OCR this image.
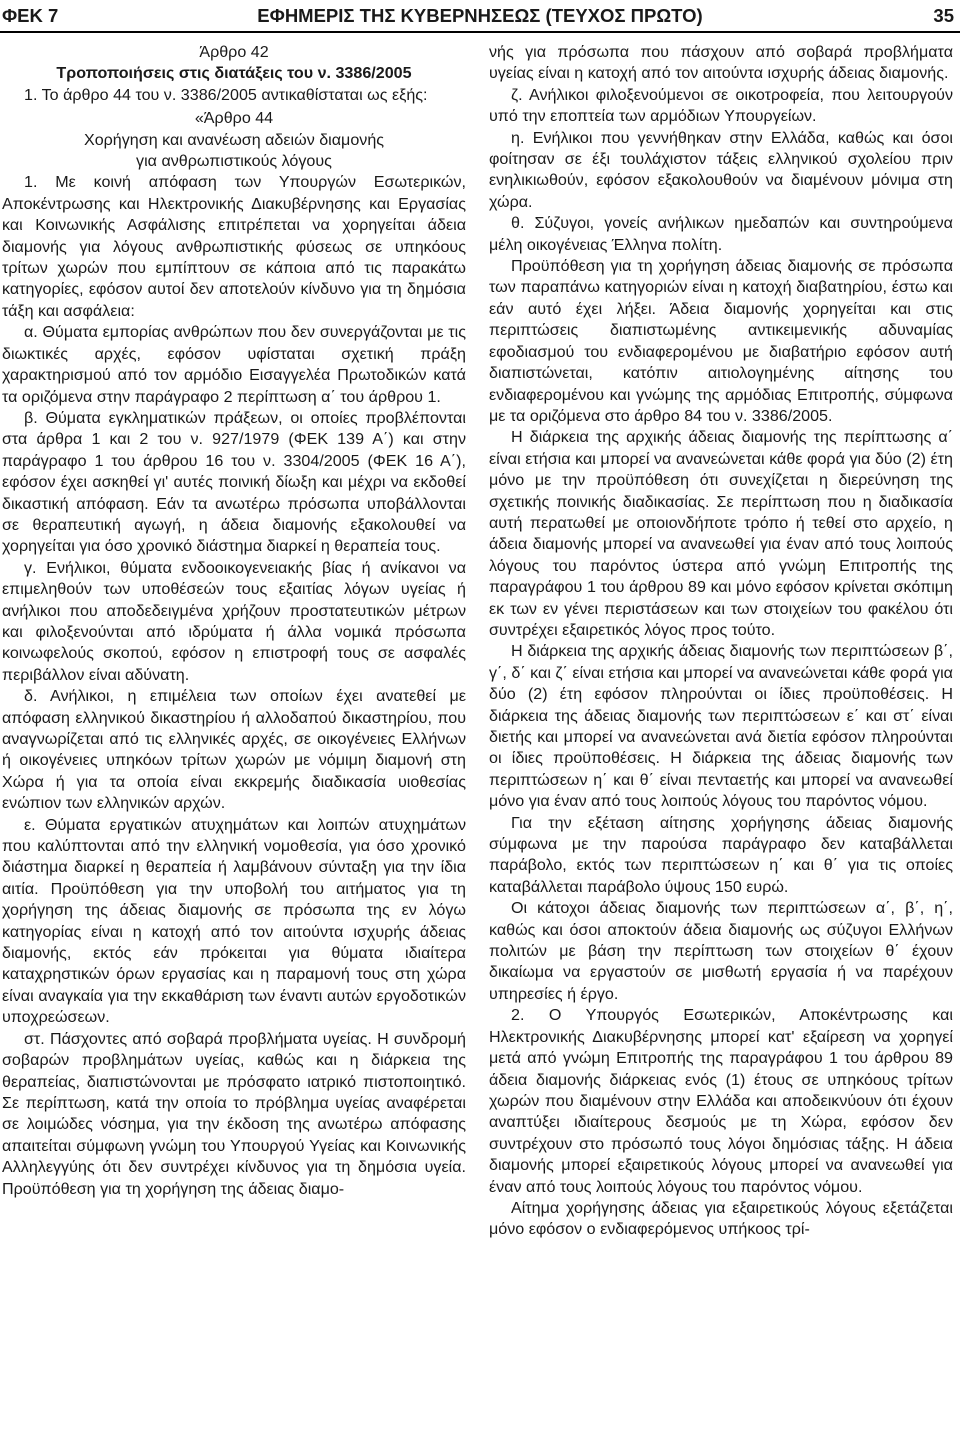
ΕΦΗΜΕΡΙΣ ΤΗΣ ΚΥΒΕΡΝΗΣΕΩΣ (ΤΕΥΧΟΣ ΠΡΩΤΟ)
ΦΕΚ 7	35

Άρθρο 42

Τροποποιήσεις στις διατάξεις του ν. 3386/2005

1. Το άρθρο 44 του ν. 3386/2005 αντικαθίσταται ως εξής:

«Άρθρο 44

Χορήγηση και ανανέωση αδειών διαμονής

για ανθρωπιστικούς λόγους

1. Με κοινή απόφαση των Υπουργών Εσωτερικών, Αποκέντρωσης και Ηλεκτρονικής Διακυβέρνησης και Εργασίας και Κοινωνικής Ασφάλισης επιτρέπεται να χορηγείται άδεια διαμονής για λόγους ανθρωπιστικής φύσεως σε υπηκόους τρίτων χωρών που εμπίπτουν σε κάποια από τις παρακάτω κατηγορίες, εφόσον αυτοί δεν αποτελούν κίνδυνο για τη δημόσια τάξη και ασφάλεια:

α. Θύματα εμπορίας ανθρώπων που δεν συνεργάζονται με τις διωκτικές αρχές, εφόσον υφίσταται σχετική πράξη χαρακτηρισμού από τον αρμόδιο Εισαγγελέα Πρωτοδικών κατά τα οριζόμενα στην παράγραφο 2 περίπτωση α΄ του άρθρου 1.

β. Θύματα εγκληματικών πράξεων, οι οποίες προβλέπονται στα άρθρα 1 και 2 του ν. 927/1979 (ΦΕΚ 139 Α΄) και στην παράγραφο 1 του άρθρου 16 του ν. 3304/2005 (ΦΕΚ 16 Α΄), εφόσον έχει ασκηθεί γι' αυτές ποινική δίωξη και μέχρι να εκδοθεί δικαστική απόφαση. Εάν τα ανωτέρω πρόσωπα υποβάλλονται σε θεραπευτική αγωγή, η άδεια διαμονής εξακολουθεί να χορηγείται για όσο χρονικό διάστημα διαρκεί η θεραπεία τους.

γ. Ενήλικοι, θύματα ενδοοικογενειακής βίας ή ανίκανοι να επιμεληθούν των υποθέσεών τους εξαιτίας λόγων υγείας ή ανήλικοι που αποδεδειγμένα χρήζουν προστατευτικών μέτρων και φιλοξενούνται από ιδρύματα ή άλλα νομικά πρόσωπα κοινωφελούς σκοπού, εφόσον η επιστροφή τους σε ασφαλές περιβάλλον είναι αδύνατη.

δ. Ανήλικοι, η επιμέλεια των οποίων έχει ανατεθεί με απόφαση ελληνικού δικαστηρίου ή αλλοδαπού δικαστηρίου, που αναγνωρίζεται από τις ελληνικές αρχές, σε οικογένειες Ελλήνων ή οικογένειες υπηκόων τρίτων χωρών με νόμιμη διαμονή στη Χώρα ή για τα οποία είναι εκκρεμής διαδικασία υιοθεσίας ενώπιον των ελληνικών αρχών.

ε. Θύματα εργατικών ατυχημάτων και λοιπών ατυχημάτων που καλύπτονται από την ελληνική νομοθεσία, για όσο χρονικό διάστημα διαρκεί η θεραπεία ή λαμβάνουν σύνταξη για την ίδια αιτία. Προϋπόθεση για την υποβολή του αιτήματος για τη χορήγηση της άδειας διαμονής σε πρόσωπα της εν λόγω κατηγορίας είναι η κατοχή από τον αιτούντα ισχυρής άδειας διαμονής, εκτός εάν πρόκειται για θύματα ιδιαίτερα καταχρηστικών όρων εργασίας και η παραμονή τους στη χώρα είναι αναγκαία για την εκκαθάριση των έναντι αυτών εργοδοτικών υποχρεώσεων.

στ. Πάσχοντες από σοβαρά προβλήματα υγείας. Η συνδρομή σοβαρών προβλημάτων υγείας, καθώς και η διάρκεια της θεραπείας, διαπιστώνονται με πρόσφατο ιατρικό πιστοποιητικό. Σε περίπτωση, κατά την οποία το πρόβλημα υγείας αναφέρεται σε λοιμώδες νόσημα, για την έκδοση της ανωτέρω απόφασης απαιτείται σύμφωνη γνώμη του Υπουργού Υγείας και Κοινωνικής Αλληλεγγύης ότι δεν συντρέχει κίνδυνος για τη δημόσια υγεία. Προϋπόθεση για τη χορήγηση της άδειας διαμο-

νής για πρόσωπα που πάσχουν από σοβαρά προβλήματα υγείας είναι η κατοχή από τον αιτούντα ισχυρής άδειας διαμονής.

ζ. Ανήλικοι φιλοξενούμενοι σε οικοτροφεία, που λειτουργούν υπό την εποπτεία των αρμόδιων Υπουργείων.

η. Ενήλικοι που γεννήθηκαν στην Ελλάδα, καθώς και όσοι φοίτησαν σε έξι τουλάχιστον τάξεις ελληνικού σχολείου πριν ενηλικιωθούν, εφόσον εξακολουθούν να διαμένουν μόνιμα στη χώρα.

θ. Σύζυγοι, γονείς ανήλικων ημεδαπών και συντηρούμενα μέλη οικογένειας Έλληνα πολίτη.

Προϋπόθεση για τη χορήγηση άδειας διαμονής σε πρόσωπα των παραπάνω κατηγοριών είναι η κατοχή διαβατηρίου, έστω και εάν αυτό έχει λήξει. Άδεια διαμονής χορηγείται και στις περιπτώσεις διαπιστωμένης αντικειμενικής αδυναμίας εφοδιασμού του ενδιαφερομένου με διαβατήριο εφόσον αυτή διαπιστώνεται, κατόπιν αιτιολογημένης αίτησης του ενδιαφερομένου και γνώμης της αρμόδιας Επιτροπής, σύμφωνα με τα οριζόμενα στο άρθρο 84 του ν. 3386/2005.

Η διάρκεια της αρχικής άδειας διαμονής της περίπτωσης α΄ είναι ετήσια και μπορεί να ανανεώνεται κάθε φορά για δύο (2) έτη μόνο με την προϋπόθεση ότι συνεχίζεται η διερεύνηση της σχετικής ποινικής διαδικασίας. Σε περίπτωση που η διαδικασία αυτή περατωθεί με οποιονδήποτε τρόπο ή τεθεί στο αρχείο, η άδεια διαμονής μπορεί να ανανεωθεί για έναν από τους λοιπούς λόγους του παρόντος ύστερα από γνώμη Επιτροπής της παραγράφου 1 του άρθρου 89 και μόνο εφόσον κρίνεται σκόπιμη εκ των εν γένει περιστάσεων και των στοιχείων του φακέλου ότι συντρέχει εξαιρετικός λόγος προς τούτο.

Η διάρκεια της αρχικής άδειας διαμονής των περιπτώσεων β΄, γ΄, δ΄ και ζ΄ είναι ετήσια και μπορεί να ανανεώνεται κάθε φορά για δύο (2) έτη εφόσον πληρούνται οι ίδιες προϋποθέσεις. Η διάρκεια της άδειας διαμονής των περιπτώσεων ε΄ και στ΄ είναι διετής και μπορεί να ανανεώνεται ανά διετία εφόσον πληρούνται οι ίδιες προϋποθέσεις. Η διάρκεια της άδειας διαμονής των περιπτώσεων η΄ και θ΄ είναι πενταετής και μπορεί να ανανεωθεί μόνο για έναν από τους λοιπούς λόγους του παρόντος νόμου.

Για την εξέταση αίτησης χορήγησης άδειας διαμονής σύμφωνα με την παρούσα παράγραφο δεν καταβάλλεται παράβολο, εκτός των περιπτώσεων η΄ και θ΄ για τις οποίες καταβάλλεται παράβολο ύψους 150 ευρώ.

Οι κάτοχοι άδειας διαμονής των περιπτώσεων α΄, β΄, η΄, καθώς και όσοι αποκτούν άδεια διαμονής ως σύζυγοι Ελλήνων πολιτών με βάση την περίπτωση των στοιχείων θ΄ έχουν δικαίωμα να εργαστούν σε μισθωτή εργασία ή να παρέχουν υπηρεσίες ή έργο.

2. Ο Υπουργός Εσωτερικών, Αποκέντρωσης και Ηλεκτρονικής Διακυβέρνησης μπορεί κατ' εξαίρεση να χορηγεί μετά από γνώμη Επιτροπής της παραγράφου 1 του άρθρου 89 άδεια διαμονής διάρκειας ενός (1) έτους σε υπηκόους τρίτων χωρών που διαμένουν στην Ελλάδα και αποδεικνύουν ότι έχουν αναπτύξει ιδιαίτερους δεσμούς με τη Χώρα, εφόσον δεν συντρέχουν στο πρόσωπό τους λόγοι δημόσιας τάξης. Η άδεια διαμονής μπορεί εξαιρετικούς λόγους μπορεί να ανανεωθεί για έναν από τους λοιπούς λόγους του παρόντος νόμου.

Αίτημα χορήγησης άδειας για εξαιρετικούς λόγους εξετάζεται μόνο εφόσον ο ενδιαφερόμενος υπήκοος τρί-
